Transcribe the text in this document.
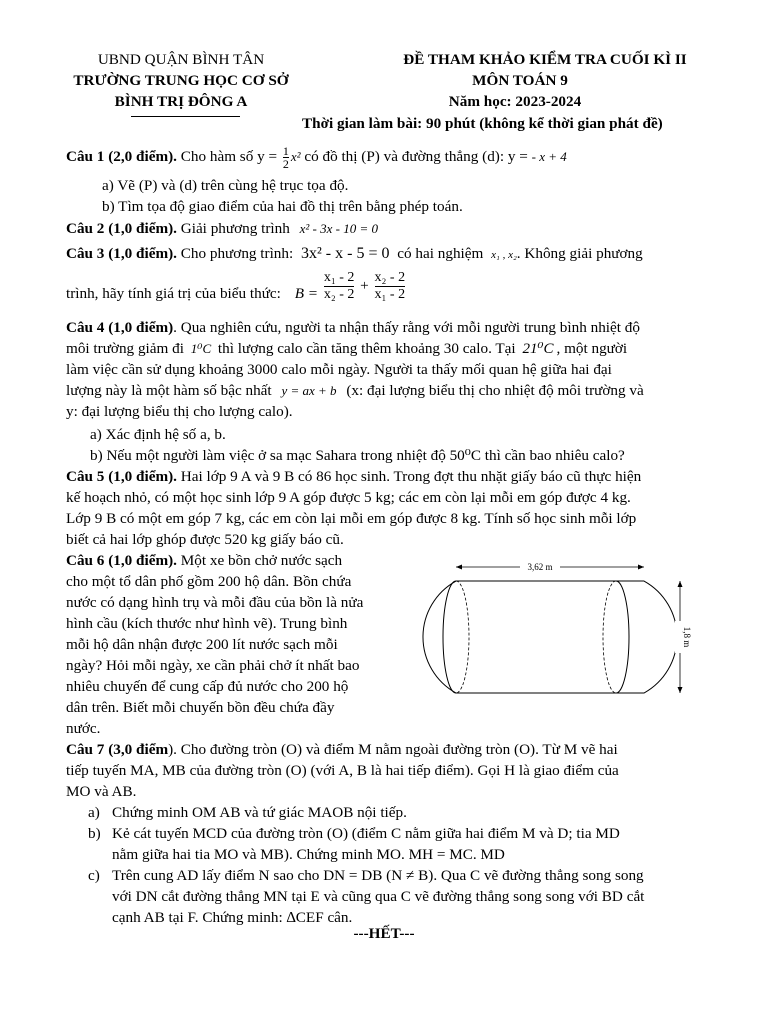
UBND QUẬN BÌNH TÂN
TRƯỜNG TRUNG HỌC CƠ SỞ
BÌNH TRỊ ĐÔNG A
ĐỀ THAM KHẢO KIỂM TRA CUỐI KÌ II
MÔN TOÁN 9
Năm học: 2023-2024
Thời gian làm bài: 90 phút (không kể thời gian phát đề)
Câu 1 (2,0 điểm). Cho hàm số $y = \frac{1}{2} x^2$ có đồ thị (P) và đường thẳng (d): y = - x + 4
a) Vẽ (P) và (d) trên cùng hệ trục tọa độ.
b) Tìm tọa độ giao điểm của hai đồ thị trên bằng phép toán.
Câu 2 (1,0 điểm). Giải phương trình x² - 3x - 10 = 0
Câu 3 (1,0 điểm). Cho phương trình: 3x² - x - 5 = 0 có hai nghiệm x₁ , x₂. Không giải phương
trình, hãy tính giá trị của biểu thức: $B = \frac{\text{x₁ - 2}}{\text{x₂ - 2}} + \frac{\text{x₂ - 2}}{\text{x₁ - 2}}$
Câu 4 (1,0 điểm). Qua nghiên cứu, người ta nhận thấy rằng với mỗi người trung bình nhiệt độ
môi trường giảm đi 1⁰C thì lượng calo cần tăng thêm khoảng 30 calo. Tại 21⁰C , một người
làm việc cần sử dụng khoảng 3000 calo mỗi ngày. Người ta thấy mối quan hệ giữa hai đại
lượng này là một hàm số bậc nhất y = ax + b (x: đại lượng biểu thị cho nhiệt độ môi trường và
y: đại lượng biểu thị cho lượng calo).
a) Xác định hệ số a, b.
b) Nếu một người làm việc ở sa mạc Sahara trong nhiệt độ 50⁰C thì cần bao nhiêu calo?
Câu 5 (1,0 điểm). Hai lớp 9 A và 9 B có 86 học sinh. Trong đợt thu nhặt giấy báo cũ thực hiện
kế hoạch nhỏ, có một học sinh lớp 9 A góp được 5 kg; các em còn lại mỗi em góp được 4 kg.
Lớp 9 B có một em góp 7 kg, các em còn lại mỗi em góp được 8 kg. Tính số học sinh mỗi lớp
biết cả hai lớp ghóp được 520 kg giấy báo cũ.
Câu 6 (1,0 điểm). Một xe bồn chở nước sạch
cho một tổ dân phố gồm 200 hộ dân. Bồn chứa
nước có dạng hình trụ và mỗi đầu của bồn là nửa
hình cầu (kích thước như hình vẽ). Trung bình
mỗi hộ dân nhận được 200 lít nước sạch mỗi
ngày? Hỏi mỗi ngày, xe cần phải chở ít nhất bao
nhiêu chuyến để cung cấp đủ nước cho 200 hộ
dân trên. Biết mỗi chuyến bồn đều chứa đầy
nước.
3,62 m
1,8 m
Câu 7 (3,0 điểm). Cho đường tròn (O) và điểm M nằm ngoài đường tròn (O). Từ M vẽ hai
tiếp tuyến MA, MB của đường tròn (O) (với A, B là hai tiếp điểm). Gọi H là giao điểm của
MO và AB.
a) Chứng minh OM AB và tứ giác MAOB nội tiếp.
b) Kẻ cát tuyến MCD của đường tròn (O) (điểm C nằm giữa hai điểm M và D; tia MD
nằm giữa hai tia MO và MB). Chứng minh MO. MH = MC. MD
c) Trên cung AD lấy điểm N sao cho DN = DB (N ≠ B). Qua C vẽ đường thẳng song song
với DN cắt đường thẳng MN tại E và cũng qua C vẽ đường thẳng song song với BD cắt
cạnh AB tại F. Chứng minh: ∆CEF cân.
---HẾT---
